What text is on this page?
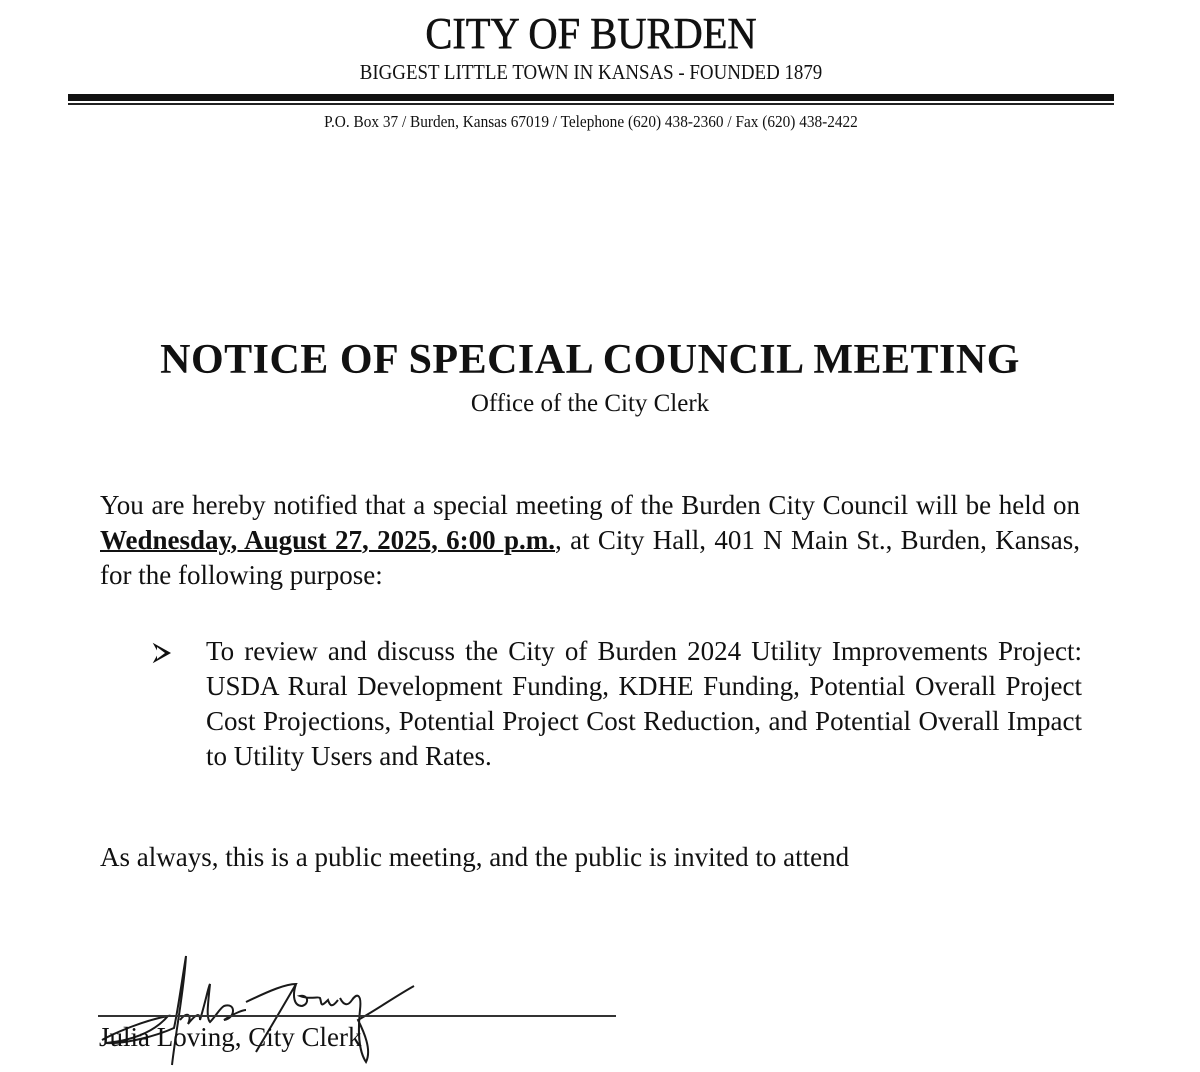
CITY OF BURDEN
BIGGEST LITTLE TOWN IN KANSAS - FOUNDED 1879
P.O. Box 37 / Burden, Kansas 67019 / Telephone (620) 438-2360 / Fax (620) 438-2422
NOTICE OF SPECIAL COUNCIL MEETING
Office of the City Clerk
You are hereby notified that a special meeting of the Burden City Council will be held on Wednesday, August 27, 2025, 6:00 p.m., at City Hall, 401 N Main St., Burden, Kansas, for the following purpose:
To review and discuss the City of Burden 2024 Utility Improvements Project: USDA Rural Development Funding, KDHE Funding, Potential Overall Project Cost Projections, Potential Project Cost Reduction, and Potential Overall Impact to Utility Users and Rates.
As always, this is a public meeting, and the public is invited to attend
Julia Loving, City Clerk
